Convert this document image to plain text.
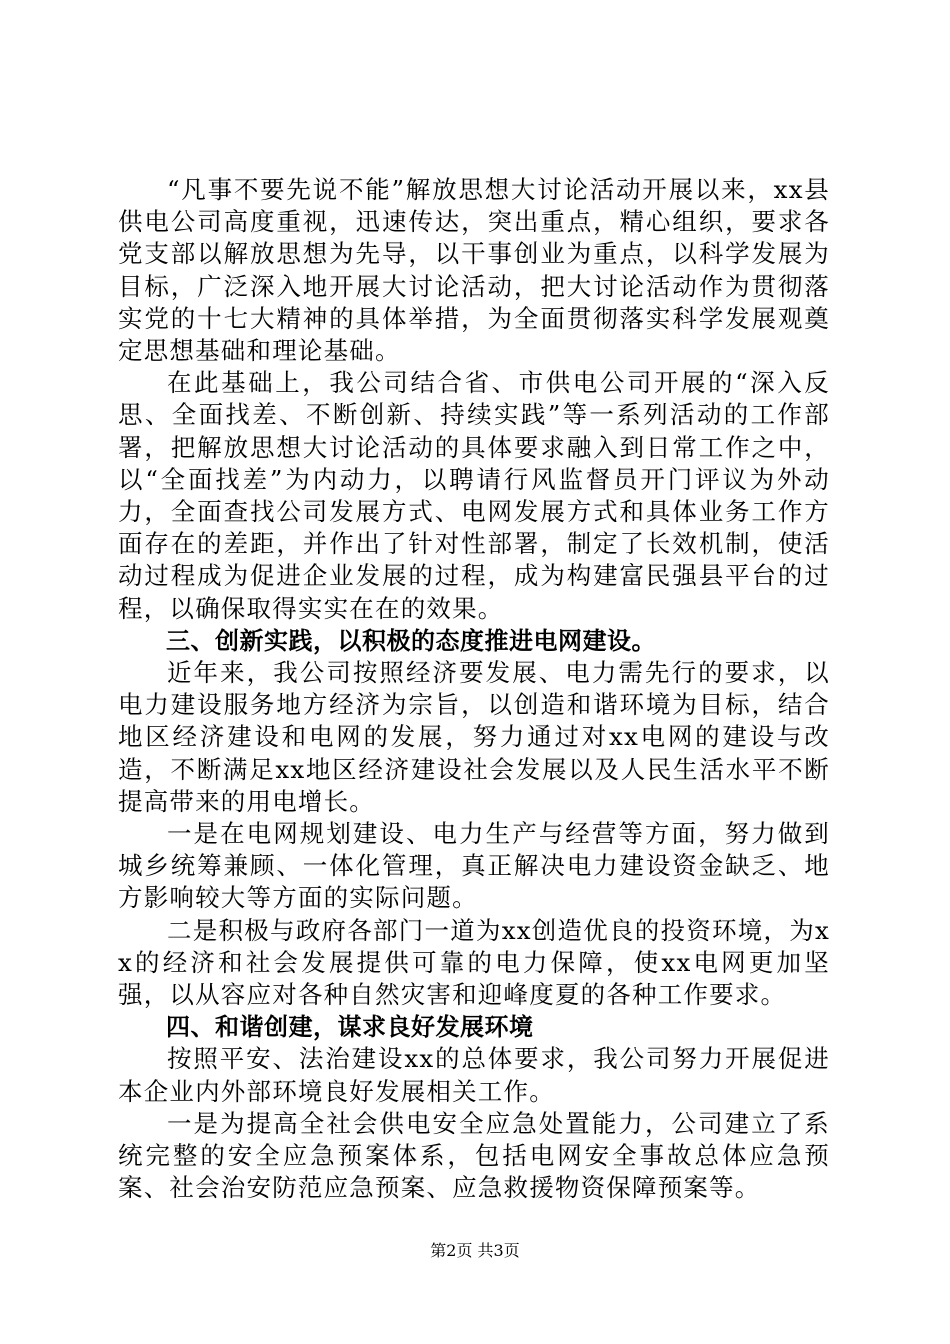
“凡事不要先说不能”解放思想大讨论活动开展以来，xx县供电公司高度重视，迅速传达，突出重点，精心组织，要求各党支部以解放思想为先导，以干事创业为重点，以科学发展为目标，广泛深入地开展大讨论活动，把大讨论活动作为贯彻落实党的十七大精神的具体举措，为全面贯彻落实科学发展观奠定思想基础和理论基础。

在此基础上，我公司结合省、市供电公司开展的“深入反思、全面找差、不断创新、持续实践”等一系列活动的工作部署，把解放思想大讨论活动的具体要求融入到日常工作之中，以“全面找差”为内动力，以聘请行风监督员开门评议为外动力，全面查找公司发展方式、电网发展方式和具体业务工作方面存在的差距，并作出了针对性部署，制定了长效机制，使活动过程成为促进企业发展的过程，成为构建富民强县平台的过程，以确保取得实实在在的效果。

三、创新实践，以积极的态度推进电网建设。

近年来，我公司按照经济要发展、电力需先行的要求，以电力建设服务地方经济为宗旨，以创造和谐环境为目标，结合地区经济建设和电网的发展，努力通过对xx电网的建设与改造，不断满足xx地区经济建设社会发展以及人民生活水平不断提高带来的用电增长。

一是在电网规划建设、电力生产与经营等方面，努力做到城乡统筹兼顾、一体化管理，真正解决电力建设资金缺乏、地方影响较大等方面的实际问题。

二是积极与政府各部门一道为xx创造优良的投资环境，为xx的经济和社会发展提供可靠的电力保障，使xx电网更加坚强，以从容应对各种自然灾害和迎峰度夏的各种工作要求。

四、和谐创建，谋求良好发展环境

按照平安、法治建设xx的总体要求，我公司努力开展促进本企业内外部环境良好发展相关工作。

一是为提高全社会供电安全应急处置能力，公司建立了系统完整的安全应急预案体系，包括电网安全事故总体应急预案、社会治安防范应急预案、应急救援物资保障预案等。

第2页 共3页
